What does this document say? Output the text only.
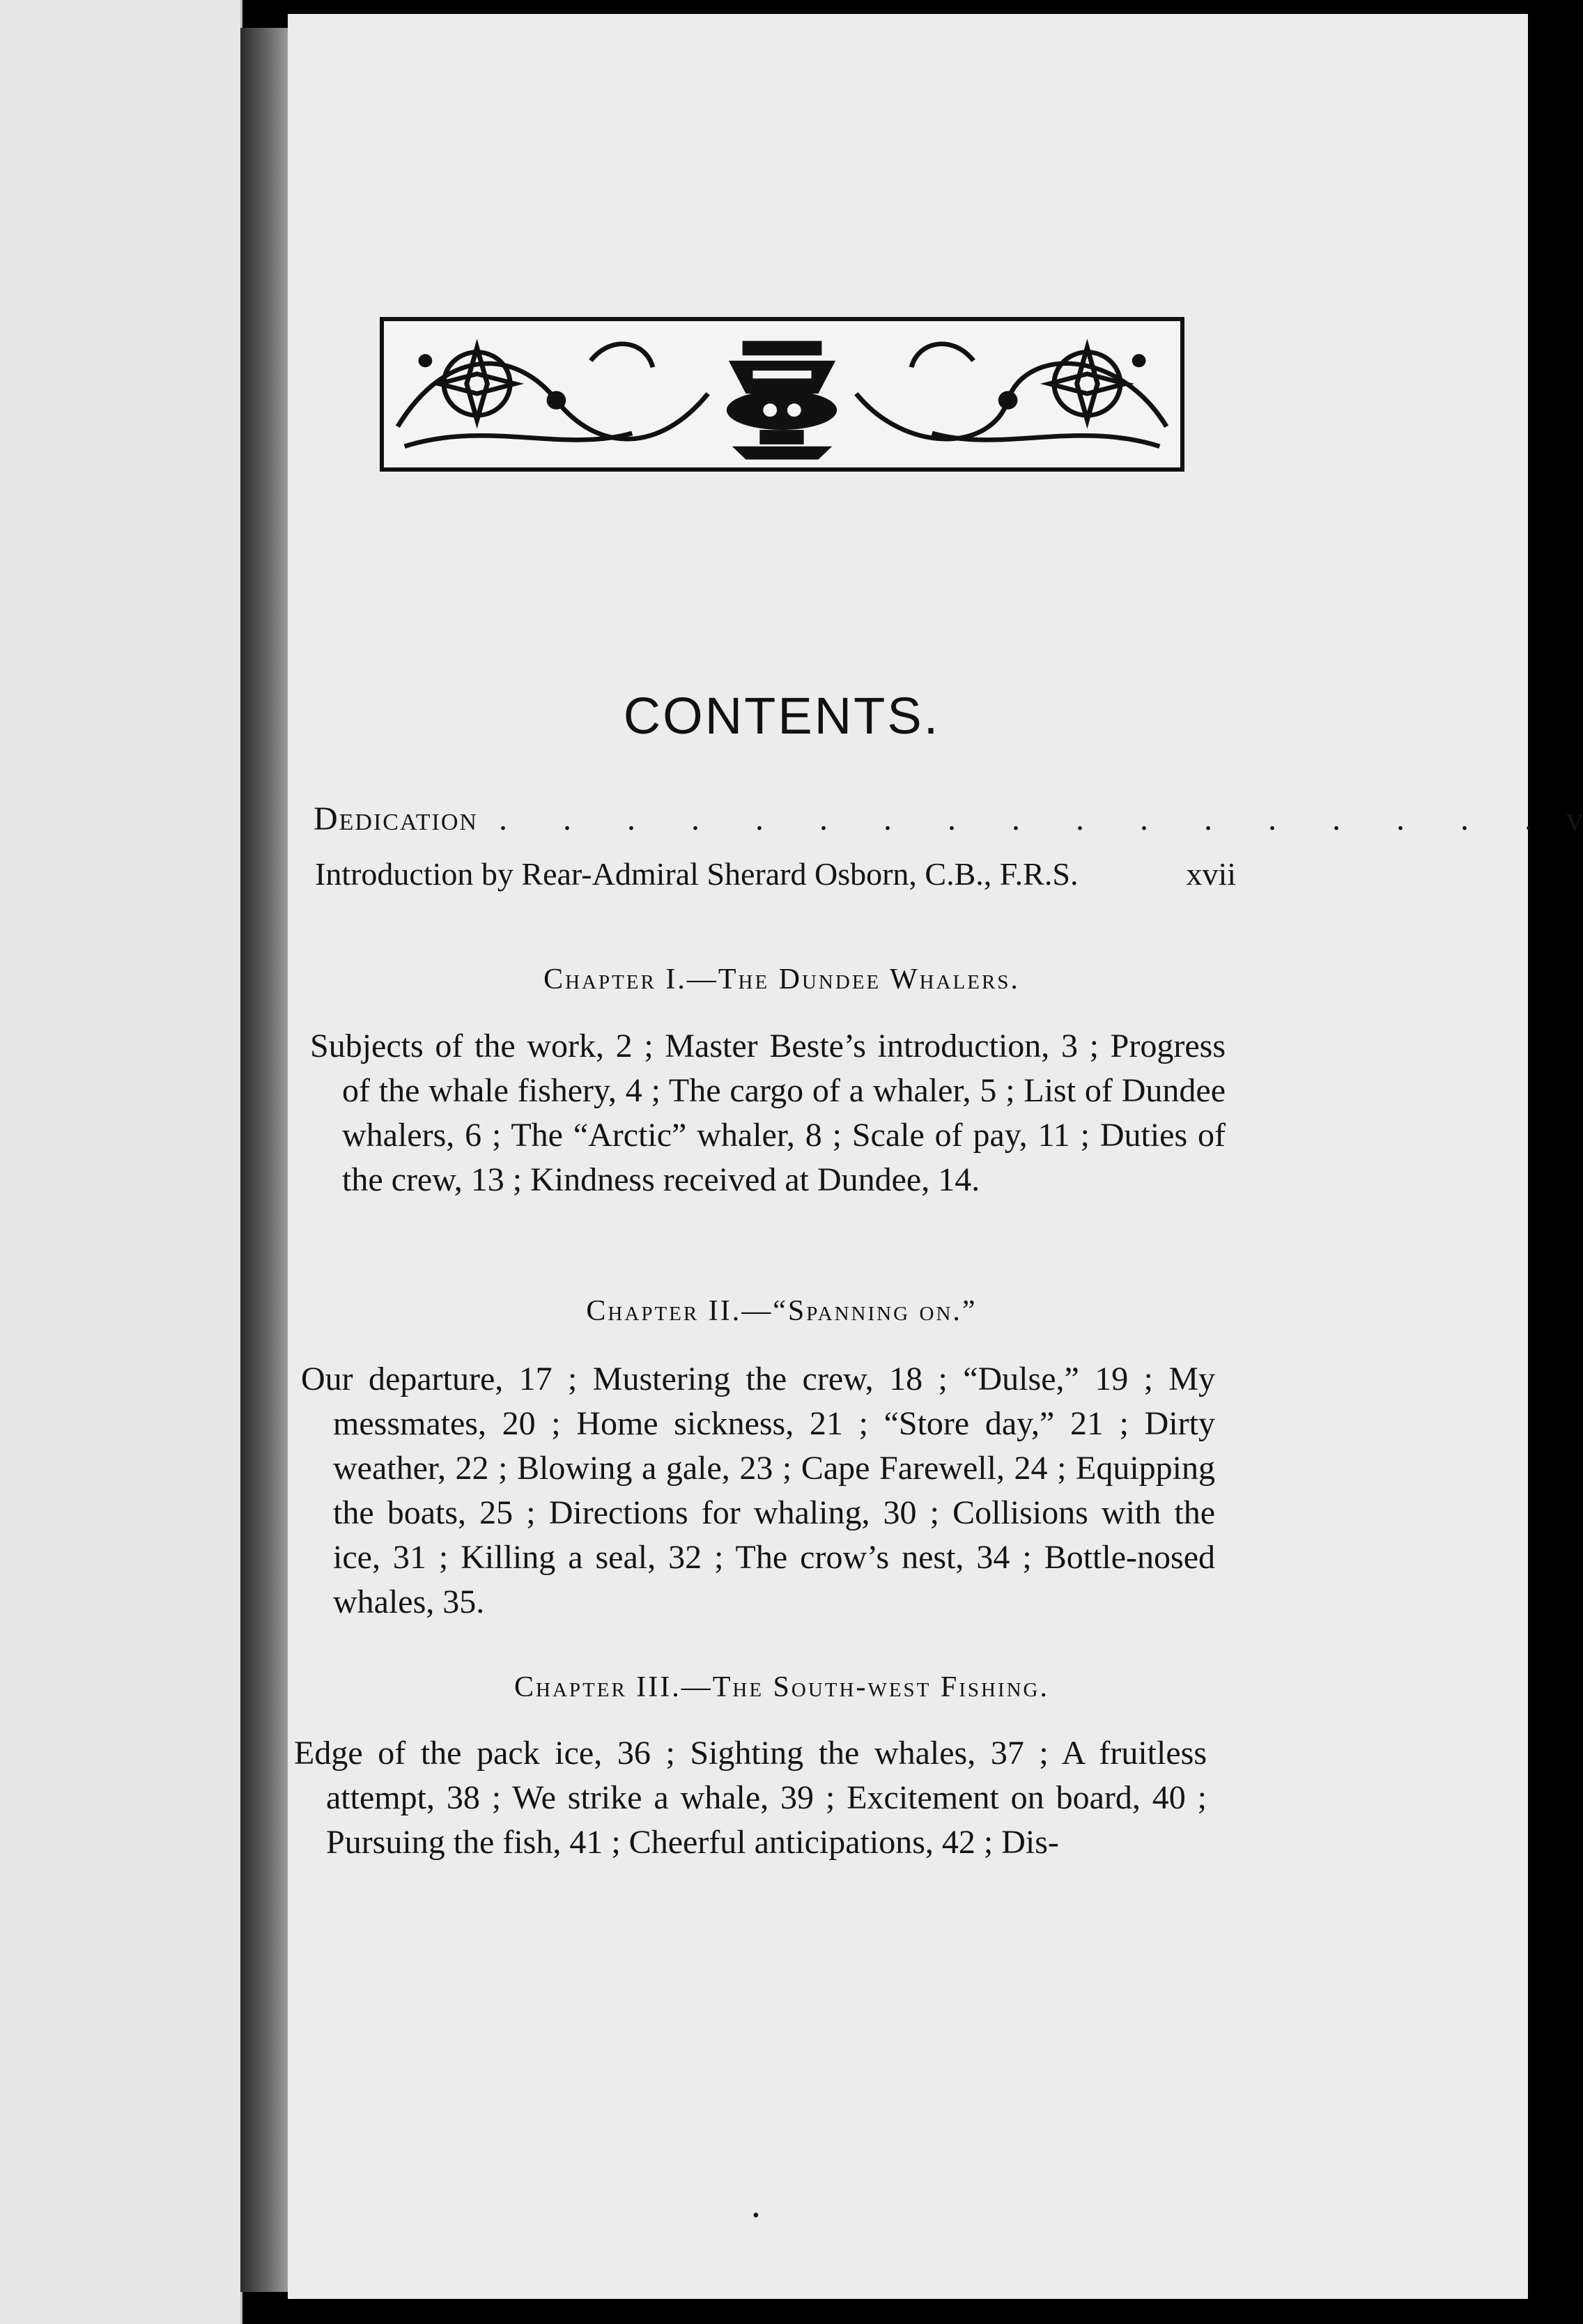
CONTENTS.
Dedication . . . . . . . . . . . . . . . . . v
Introduction by Rear-Admiral Sherard Osborn, C.B., F.R.S.	xvii
Chapter I.—The Dundee Whalers.
Subjects of the work, 2 ; Master Beste’s introduction, 3 ; Progress of the whale fishery, 4 ; The cargo of a whaler, 5 ; List of Dundee whalers, 6 ; The “Arctic” whaler, 8 ; Scale of pay, 11 ; Duties of the crew, 13 ; Kindness received at Dundee, 14.
Chapter II.—“Spanning on.”
Our departure, 17 ; Mustering the crew, 18 ; “Dulse,” 19 ; My messmates, 20 ; Home sickness, 21 ; “Store day,” 21 ; Dirty weather, 22 ; Blowing a gale, 23 ; Cape Farewell, 24 ; Equipping the boats, 25 ; Directions for whaling, 30 ; Collisions with the ice, 31 ; Killing a seal, 32 ; The crow’s nest, 34 ; Bottle-nosed whales, 35.
Chapter III.—The South-west Fishing.
Edge of the pack ice, 36 ; Sighting the whales, 37 ; A fruitless attempt, 38 ; We strike a whale, 39 ; Excitement on board, 40 ; Pursuing the fish, 41 ; Cheerful anticipations, 42 ; Dis-
•
